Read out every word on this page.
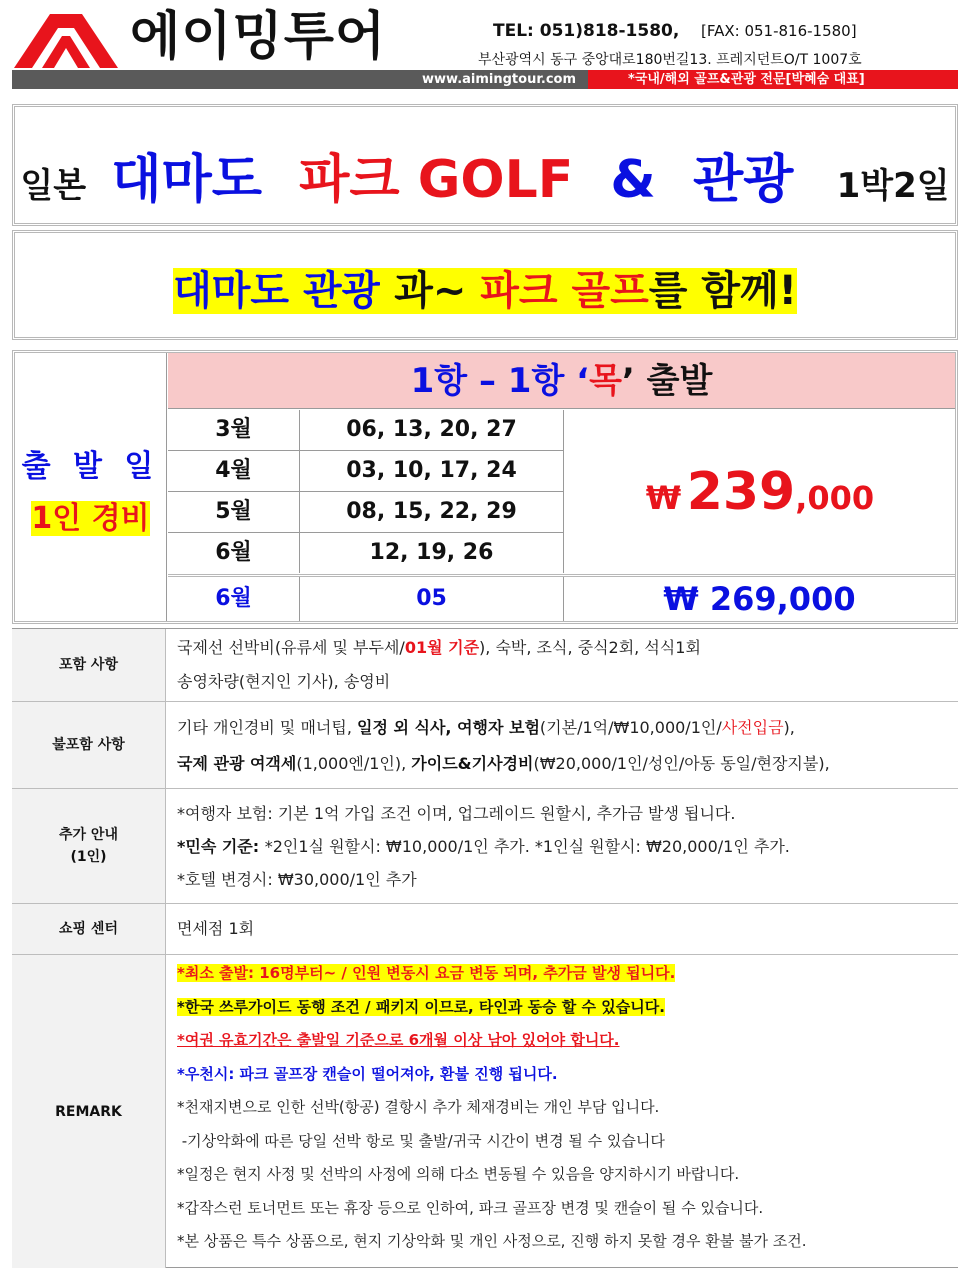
에이밍투어	TEL: 051)818-1580, [FAX: 051-816-1580]
부산광역시 동구 중앙대로180번길13. 프레지던트O/T 1007호
www.aimingtour.com	*국내/해외 골프&관광 전문[박혜숨 대표]
일본 대마도 파크 GOLF & 관광 1박2일
대마도 관광 과~ 파크 골프를 함께!
출 발 일
1인 경비
1항 – 1항 ‘목’ 출발
3월	06, 13, 20, 27
4월	03, 10, 17, 24
5월	08, 15, 22, 29
6월	12, 19, 26
₩ 239,000
6월	05	₩ 269,000
포함 사항
국제선 선박비(유류세 및 부두세/01월 기준), 숙박, 조식, 중식2회, 석식1회
송영차량(현지인 기사), 송영비
불포함 사항
기타 개인경비 및 매너팁, 일정 외 식사, 여행자 보험(기본/1억/₩10,000/1인/사전입금),
국제 관광 여객세(1,000엔/1인), 가이드&기사경비(₩20,000/1인/성인/아동 동일/현장지불),
추가 안내
(1인)
*여행자 보험: 기본 1억 가입 조건 이며, 업그레이드 원할시, 추가금 발생 됩니다.
*민속 기준: *2인1실 원할시: ₩10,000/1인 추가. *1인실 원할시: ₩20,000/1인 추가.
*호텔 변경시: ₩30,000/1인 추가
쇼핑 센터	면세점 1회
REMARK
*최소 출발: 16명부터~ / 인원 변동시 요금 변동 되며, 추가금 발생 됩니다.
*한국 쓰루가이드 동행 조건 / 패키지 이므로, 타인과 동승 할 수 있습니다.
*여권 유효기간은 출발일 기준으로 6개월 이상 남아 있어야 합니다.
*우천시: 파크 골프장 캔슬이 떨어져야, 환불 진행 됩니다.
*천재지변으로 인한 선박(항공) 결항시 추가 체재경비는 개인 부담 입니다.
-기상악화에 따른 당일 선박 항로 및 출발/귀국 시간이 변경 될 수 있습니다
*일정은 현지 사정 및 선박의 사정에 의해 다소 변동될 수 있음을 양지하시기 바랍니다.
*갑작스런 토너먼트 또는 휴장 등으로 인하여, 파크 골프장 변경 및 캔슬이 될 수 있습니다.
*본 상품은 특수 상품으로, 현지 기상악화 및 개인 사정으로, 진행 하지 못할 경우 환불 불가 조건.
